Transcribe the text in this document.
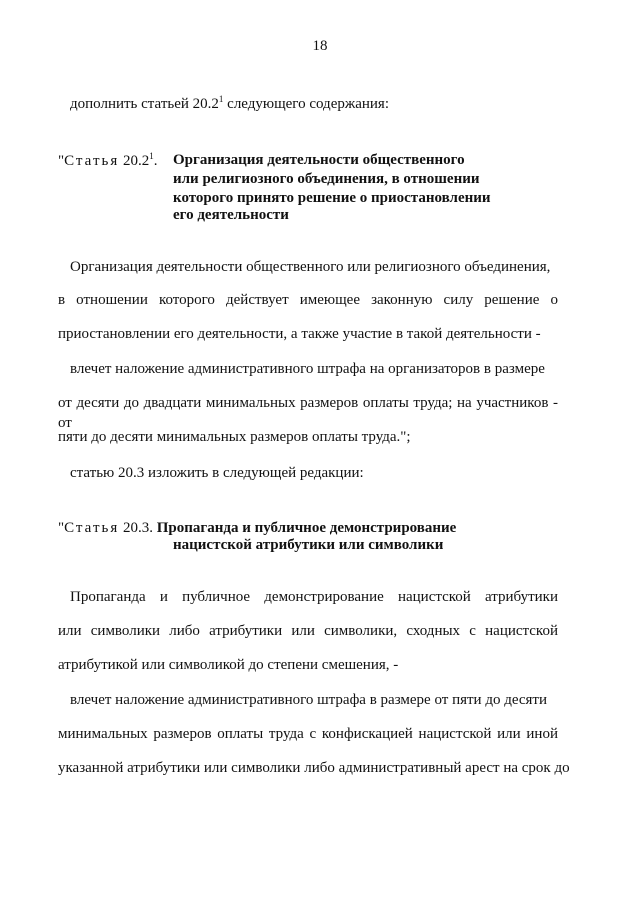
18
дополнить статьей 20.2$^1$ следующего содержания:
"Статья 20.2$^1$.	Организация деятельности общественного
или религиозного объединения, в отношении
которого принято решение о приостановлении
его деятельности
Организация деятельности общественного или религиозного объединения,
в отношении которого действует имеющее законную силу решение о
приостановлении его деятельности, а также участие в такой деятельности -
влечет наложение административного штрафа на организаторов в размере
от десяти до двадцати минимальных размеров оплаты труда; на участников - от
пяти до десяти минимальных размеров оплаты труда.";
статью 20.3 изложить в следующей редакции:
"Статья 20.3. Пропаганда и публичное демонстрирование
нацистской атрибутики или символики
Пропаганда и публичное демонстрирование нацистской атрибутики
или символики либо атрибутики или символики, сходных с нацистской
атрибутикой или символикой до степени смешения, -
влечет наложение административного штрафа в размере от пяти до десяти
минимальных размеров оплаты труда с конфискацией нацистской или иной
указанной атрибутики или символики либо административный арест на срок до
